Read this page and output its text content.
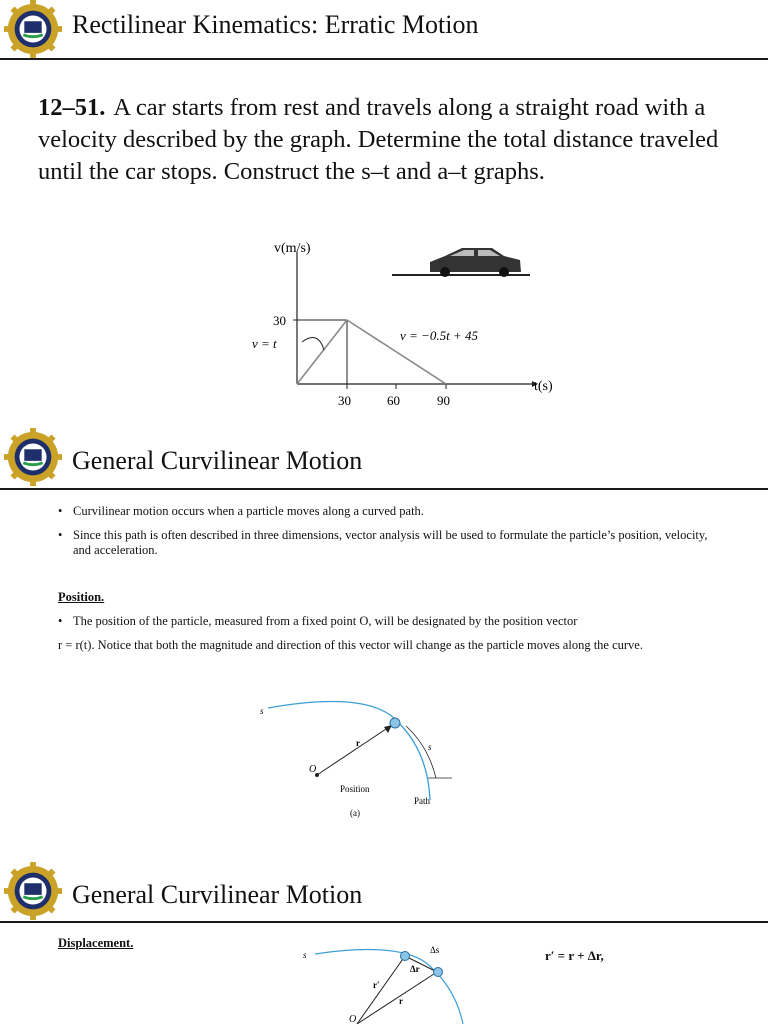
Rectilinear Kinematics: Erratic Motion
12–51. A car starts from rest and travels along a straight road with a velocity described by the graph. Determine the total distance traveled until the car stops. Construct the s–t and a–t graphs.
v(m/s)
t(s)
30
30	60	90
v = t
v = −0.5t + 45
General Curvilinear Motion
• Curvilinear motion occurs when a particle moves along a curved path.
• Since this path is often described in three dimensions, vector analysis will be used to formulate the particle’s position, velocity, and acceleration.
Position.
• The position of the particle, measured from a fixed point O, will be designated by the position vector
r = r(t). Notice that both the magnitude and direction of this vector will change as the particle moves along the curve.
s
r
O
s
Position
Path
(a)
General Curvilinear Motion
Displacement.
s	Δs
Δr
r′
r
O
r′ = r + Δr,
